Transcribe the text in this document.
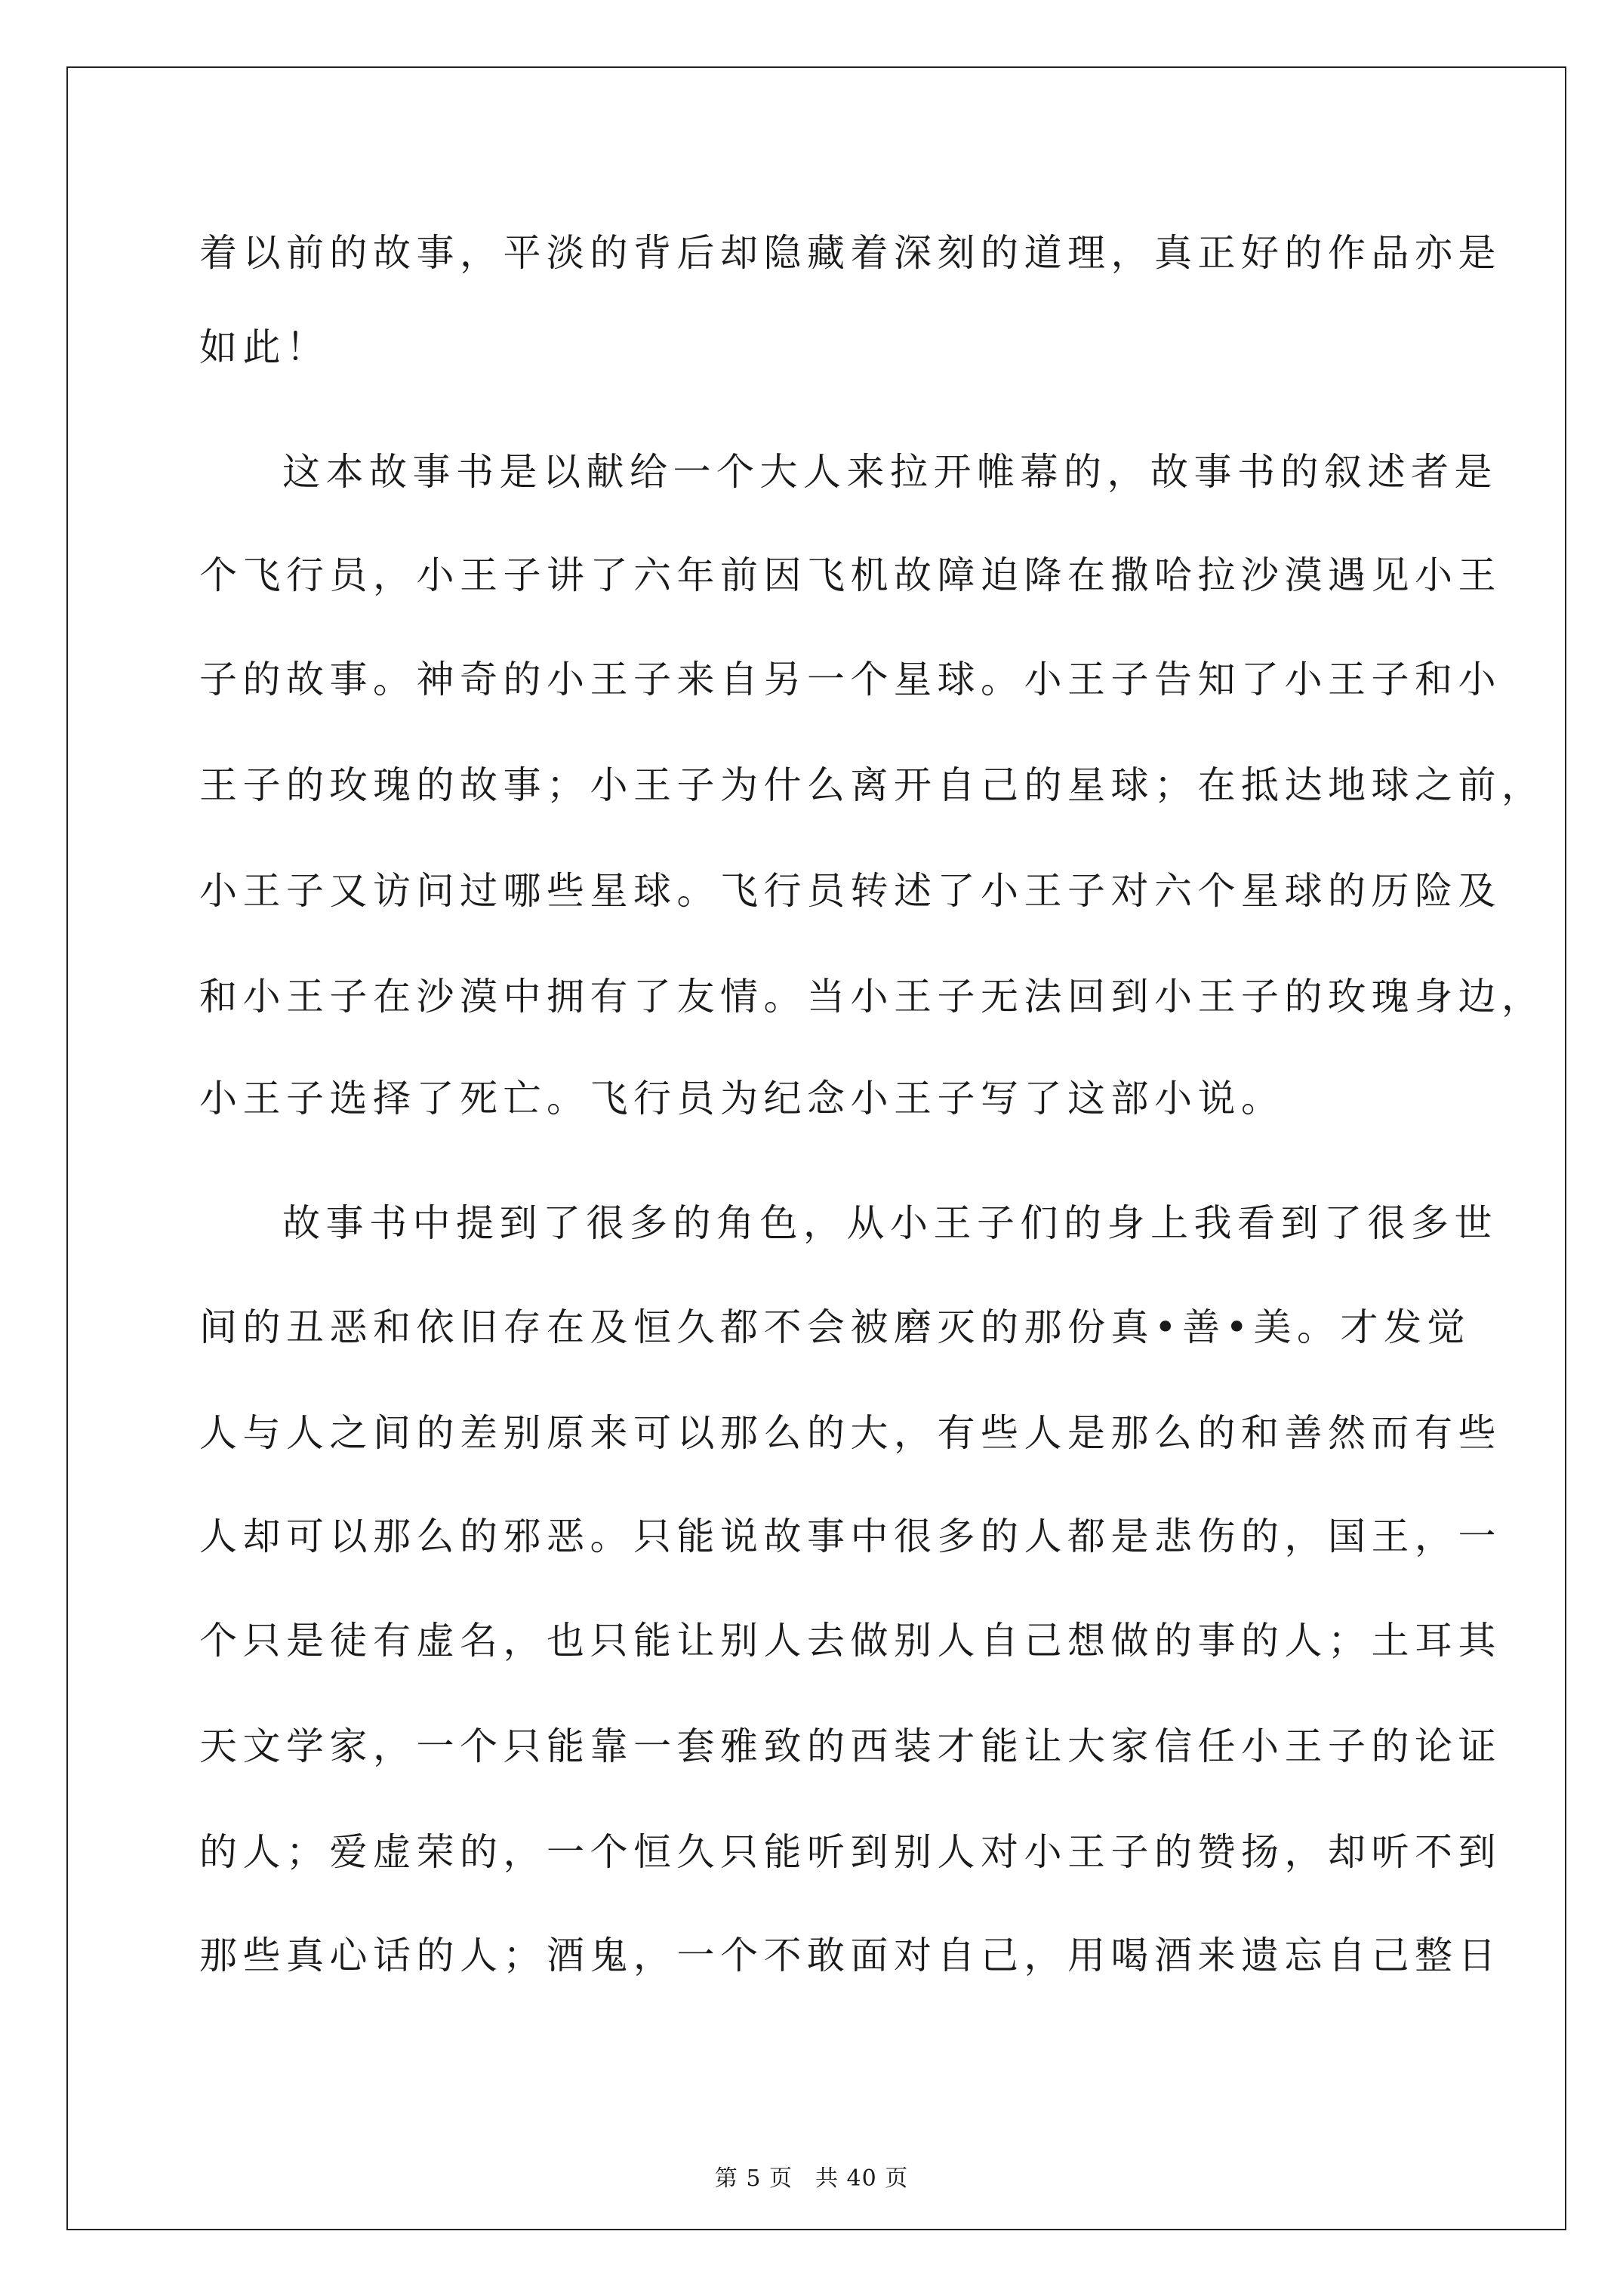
着以前的故事，平淡的背后却隐藏着深刻的道理，真正好的作品亦是

如此！

这本故事书是以献给一个大人来拉开帷幕的，故事书的叙述者是

个飞行员，小王子讲了六年前因飞机故障迫降在撒哈拉沙漠遇见小王

子的故事。神奇的小王子来自另一个星球。小王子告知了小王子和小

王子的玫瑰的故事；小王子为什么离开自己的星球；在抵达地球之前，

小王子又访问过哪些星球。飞行员转述了小王子对六个星球的历险及

和小王子在沙漠中拥有了友情。当小王子无法回到小王子的玫瑰身边，

小王子选择了死亡。飞行员为纪念小王子写了这部小说。

故事书中提到了很多的角色，从小王子们的身上我看到了很多世

间的丑恶和依旧存在及恒久都不会被磨灭的那份真•善•美。才发觉

人与人之间的差别原来可以那么的大，有些人是那么的和善然而有些

人却可以那么的邪恶。只能说故事中很多的人都是悲伤的，国王，一

个只是徒有虚名，也只能让别人去做别人自己想做的事的人；土耳其

天文学家，一个只能靠一套雅致的西装才能让大家信任小王子的论证

的人；爱虚荣的，一个恒久只能听到别人对小王子的赞扬，却听不到

那些真心话的人；酒鬼，一个不敢面对自己，用喝酒来遗忘自己整日

第 5 页 共 40 页
